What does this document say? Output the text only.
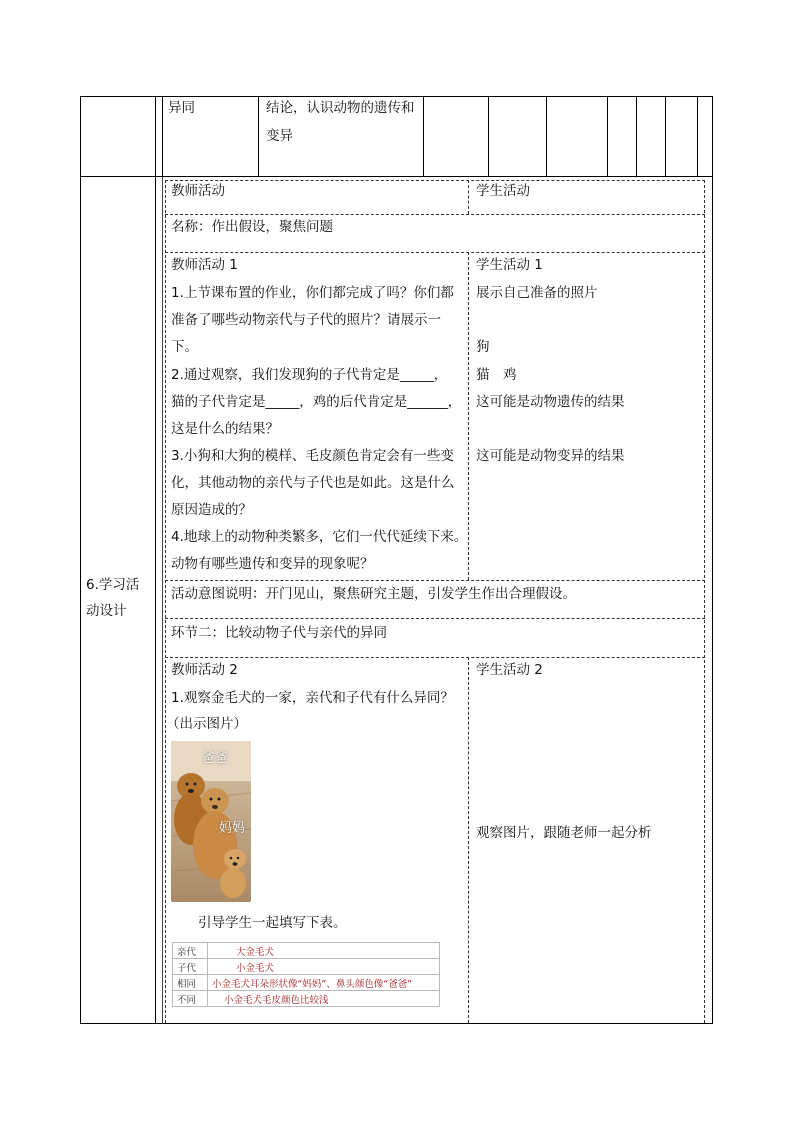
异同	结论，认识动物的遗传和
变异
6.学习活
动设计
教师活动	学生活动
名称：作出假设，聚焦问题
教师活动 1	学生活动 1
1.上节课布置的作业，你们都完成了吗？你们都
准备了哪些动物亲代与子代的照片？请展示一
下。
2.通过观察，我们发现狗的子代肯定是_____，
猫的子代肯定是_____，鸡的后代肯定是______，
这是什么的结果？
3.小狗和大狗的模样、毛皮颜色肯定会有一些变
化，其他动物的亲代与子代也是如此。这是什么
原因造成的？
4.地球上的动物种类繁多，它们一代代延续下来。
动物有哪些遗传和变异的现象呢？
展示自己准备的照片
狗
猫　鸡
这可能是动物遗传的结果
这可能是动物变异的结果
活动意图说明：开门见山，聚焦研究主题，引发学生作出合理假设。
环节二：比较动物子代与亲代的异同
教师活动 2	学生活动 2
1.观察金毛犬的一家，亲代和子代有什么异同？
（出示图片）
爸爸
妈妈
引导学生一起填写下表。
观察图片，跟随老师一起分析
亲代	大金毛犬
子代	小金毛犬
相同	小金毛犬耳朵形状像“妈妈”、鼻头颜色像“爸爸”
不同	小金毛犬毛皮颜色比较浅
